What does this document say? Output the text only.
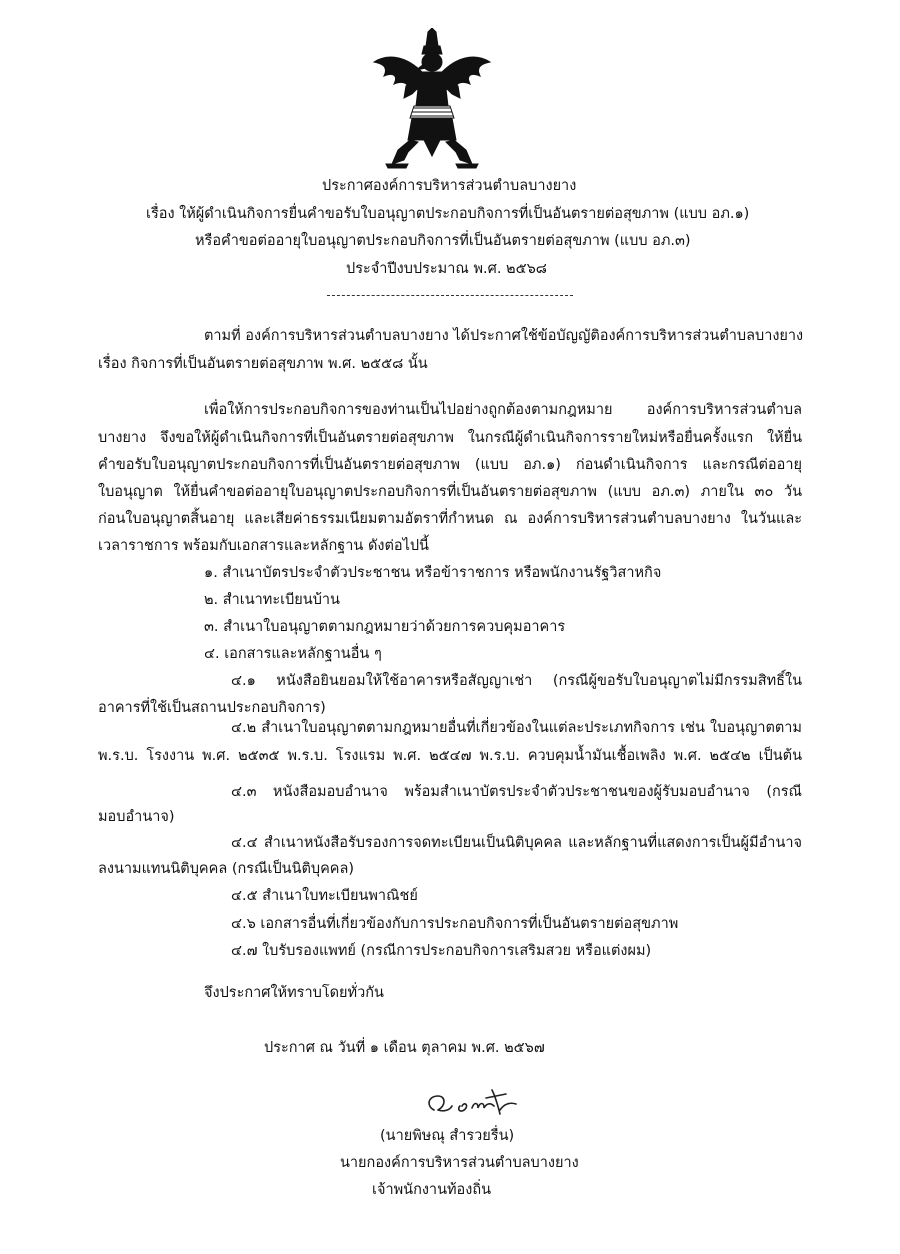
ประกาศองค์การบริหารส่วนตำบลบางยาง
เรื่อง ให้ผู้ดำเนินกิจการยื่นคำขอรับใบอนุญาตประกอบกิจการที่เป็นอันตรายต่อสุขภาพ (แบบ อภ.๑)
หรือคำขอต่ออายุใบอนุญาตประกอบกิจการที่เป็นอันตรายต่อสุขภาพ (แบบ อภ.๓)
ประจำปีงบประมาณ พ.ศ. ๒๕๖๘
ตามที่ องค์การบริหารส่วนตำบลบางยาง ได้ประกาศใช้ข้อบัญญัติองค์การบริหารส่วนตำบลบางยาง
เรื่อง กิจการที่เป็นอันตรายต่อสุขภาพ พ.ศ. ๒๕๕๘ นั้น
เพื่อให้การประกอบกิจการของท่านเป็นไปอย่างถูกต้องตามกฎหมาย องค์การบริหารส่วนตำบล
บางยาง จึงขอให้ผู้ดำเนินกิจการที่เป็นอันตรายต่อสุขภาพ ในกรณีผู้ดำเนินกิจการรายใหม่หรือยื่นครั้งแรก ให้ยื่น
คำขอรับใบอนุญาตประกอบกิจการที่เป็นอันตรายต่อสุขภาพ (แบบ อภ.๑) ก่อนดำเนินกิจการ และกรณีต่ออายุ
ใบอนุญาต ให้ยื่นคำขอต่ออายุใบอนุญาตประกอบกิจการที่เป็นอันตรายต่อสุขภาพ (แบบ อภ.๓) ภายใน ๓๐ วัน
ก่อนใบอนุญาตสิ้นอายุ และเสียค่าธรรมเนียมตามอัตราที่กำหนด ณ องค์การบริหารส่วนตำบลบางยาง ในวันและ
เวลาราชการ พร้อมกับเอกสารและหลักฐาน ดังต่อไปนี้
๑. สำเนาบัตรประจำตัวประชาชน หรือข้าราชการ หรือพนักงานรัฐวิสาหกิจ
๒. สำเนาทะเบียนบ้าน
๓. สำเนาใบอนุญาตตามกฎหมายว่าด้วยการควบคุมอาคาร
๔. เอกสารและหลักฐานอื่น ๆ
๔.๑ หนังสือยินยอมให้ใช้อาคารหรือสัญญาเช่า (กรณีผู้ขอรับใบอนุญาตไม่มีกรรมสิทธิ์ใน
อาคารที่ใช้เป็นสถานประกอบกิจการ)
๔.๒ สำเนาใบอนุญาตตามกฎหมายอื่นที่เกี่ยวข้องในแต่ละประเภทกิจการ เช่น ใบอนุญาตตาม
พ.ร.บ. โรงงาน พ.ศ. ๒๕๓๕ พ.ร.บ. โรงแรม พ.ศ. ๒๕๔๗ พ.ร.บ. ควบคุมน้ำมันเชื้อเพลิง พ.ศ. ๒๕๔๒ เป็นต้น
๔.๓ หนังสือมอบอำนาจ พร้อมสำเนาบัตรประจำตัวประชาชนของผู้รับมอบอำนาจ (กรณี
มอบอำนาจ)
๔.๔ สำเนาหนังสือรับรองการจดทะเบียนเป็นนิติบุคคล และหลักฐานที่แสดงการเป็นผู้มีอำนาจ
ลงนามแทนนิติบุคคล (กรณีเป็นนิติบุคคล)
๔.๕ สำเนาใบทะเบียนพาณิชย์
๔.๖ เอกสารอื่นที่เกี่ยวข้องกับการประกอบกิจการที่เป็นอันตรายต่อสุขภาพ
๔.๗ ใบรับรองแพทย์ (กรณีการประกอบกิจการเสริมสวย หรือแต่งผม)
จึงประกาศให้ทราบโดยทั่วกัน
ประกาศ ณ วันที่ ๑ เดือน ตุลาคม พ.ศ. ๒๕๖๗
(นายพิษณุ สำรวยรื่น)
นายกองค์การบริหารส่วนตำบลบางยาง
เจ้าพนักงานท้องถิ่น
